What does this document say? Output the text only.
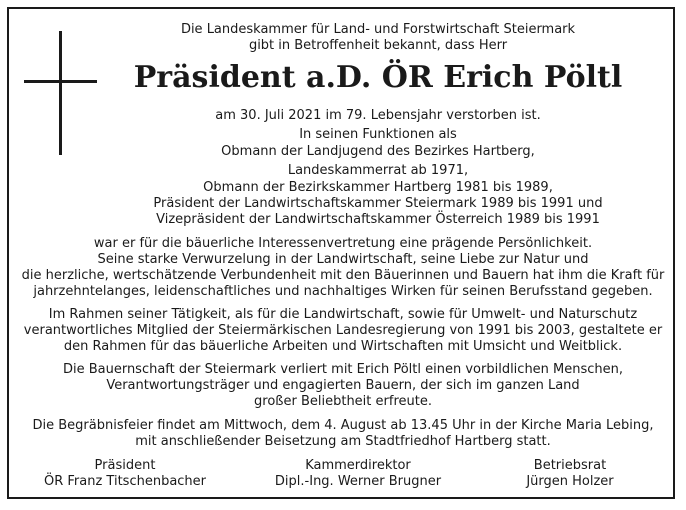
Die Landeskammer für Land- und Forstwirtschaft Steiermark
gibt in Betroffenheit bekannt, dass Herr
Präsident a.D. ÖR Erich Pöltl
am 30. Juli 2021 im 79. Lebensjahr verstorben ist.
In seinen Funktionen als
Obmann der Landjugend des Bezirkes Hartberg,
Landeskammerrat ab 1971,
Obmann der Bezirkskammer Hartberg 1981 bis 1989,
Präsident der Landwirtschaftskammer Steiermark 1989 bis 1991 und
Vizepräsident der Landwirtschaftskammer Österreich 1989 bis 1991
war er für die bäuerliche Interessenvertretung eine prägende Persönlichkeit.
Seine starke Verwurzelung in der Landwirtschaft, seine Liebe zur Natur und
die herzliche, wertschätzende Verbundenheit mit den Bäuerinnen und Bauern hat ihm die Kraft für
jahrzehntelanges, leidenschaftliches und nachhaltiges Wirken für seinen Berufsstand gegeben.
Im Rahmen seiner Tätigkeit, als für die Landwirtschaft, sowie für Umwelt- und Naturschutz
verantwortliches Mitglied der Steiermärkischen Landesregierung von 1991 bis 2003, gestaltete er
den Rahmen für das bäuerliche Arbeiten und Wirtschaften mit Umsicht und Weitblick.
Die Bauernschaft der Steiermark verliert mit Erich Pöltl einen vorbildlichen Menschen,
Verantwortungsträger und engagierten Bauern, der sich im ganzen Land
großer Beliebtheit erfreute.
Die Begräbnisfeier findet am Mittwoch, dem 4. August ab 13.45 Uhr in der Kirche Maria Lebing,
mit anschließender Beisetzung am Stadtfriedhof Hartberg statt.
Präsident
ÖR Franz Titschenbacher
Kammerdirektor
Dipl.-Ing. Werner Brugner
Betriebsrat
Jürgen Holzer
